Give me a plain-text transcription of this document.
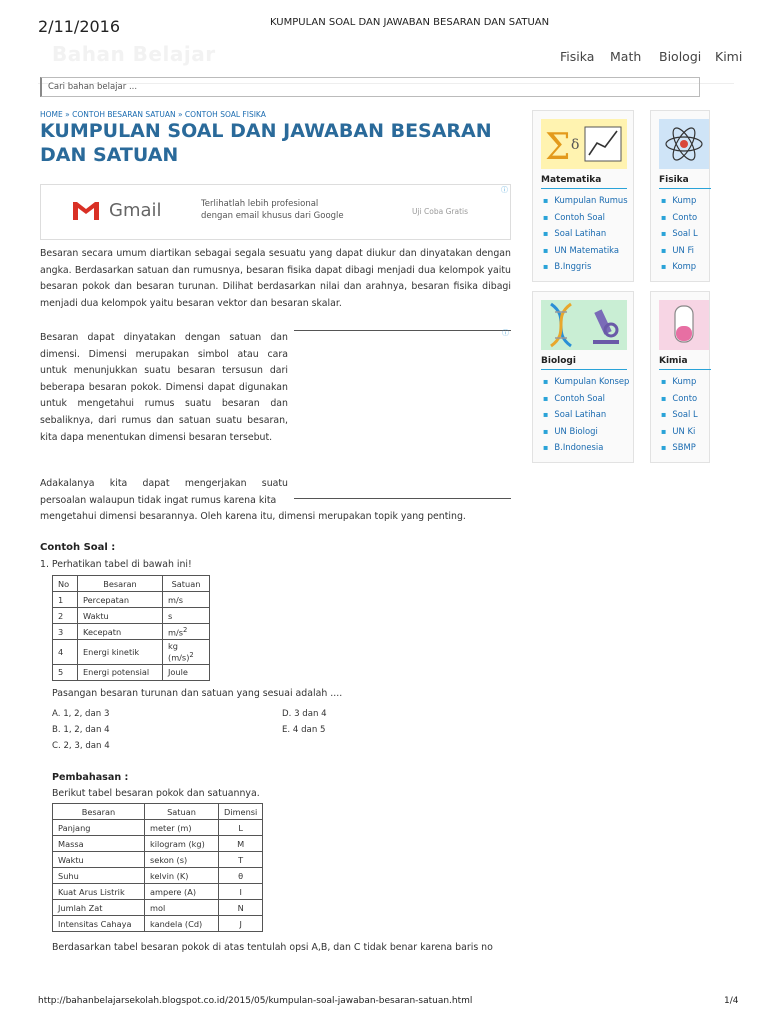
2/11/2016	KUMPULAN SOAL DAN JAWABAN BESARAN DAN SATUAN
Bahan Belajar	Fisika Math Biologi Kimi
Cari bahan belajar ...
HOME » CONTOH BESARAN SATUAN » CONTOH SOAL FISIKA
KUMPULAN SOAL DAN JAWABAN BESARAN DAN SATUAN
Gmail	Terlihatlah lebih profesional
dengan email khusus dari Google	Uji Coba Gratis
ⓘ
Besaran secara umum diartikan sebagai segala sesuatu yang dapat diukur dan dinyatakan dengan angka. Berdasarkan satuan dan rumusnya, besaran fisika dapat dibagi menjadi dua kelompok yaitu besaran pokok dan besaran turunan. Dilihat berdasarkan nilai dan arahnya, besaran fisika dibagi menjadi dua kelompok yaitu besaran vektor dan besaran skalar.
Besaran dapat dinyatakan dengan satuan dan dimensi. Dimensi merupakan simbol atau cara untuk menunjukkan suatu besaran tersusun dari beberapa besaran pokok. Dimensi dapat digunakan untuk mengetahui rumus suatu besaran dan sebaliknya, dari rumus dan satuan suatu besaran, kita dapa menentukan dimensi besaran tersebut.
ⓘ
Adakalanya kita dapat mengerjakan suatu persoalan walaupun tidak ingat rumus karena kita
mengetahui dimensi besarannya. Oleh karena itu, dimensi merupakan topik yang penting.
Contoh Soal :
1. Perhatikan tabel di bawah ini!
No	Besaran	Satuan
1	Percepatan	m/s
2	Waktu	s
3	Kecepatn	$m/s^2$
4	Energi kinetik	kg $(m/s)^2$
5	Energi potensial	Joule
Pasangan besaran turunan dan satuan yang sesuai adalah ....
A. 1, 2, dan 3
B. 1, 2, dan 4
C. 2, 3, dan 4
D. 3 dan 4
E. 4 dan 5
Pembahasan :
Berikut tabel besaran pokok dan satuannya.
Besaran	Satuan	Dimensi
Panjang	meter (m)	L
Massa	kilogram (kg)	M
Waktu	sekon (s)	T
Suhu	kelvin (K)	θ
Kuat Arus Listrik	ampere (A)	I
Jumlah Zat	mol	N
Intensitas Cahaya	kandela (Cd)	J
Berdasarkan tabel besaran pokok di atas tentulah opsi A,B, dan C tidak benar karena baris no
Σ δ
Matematika
▪ Kumpulan Rumus
▪ Contoh Soal
▪ Soal Latihan
▪ UN Matematika
▪ B.Inggris
Fisika
▪ Kump
▪ Conto
▪ Soal L
▪ UN Fi
▪ Komp
Biologi
▪ Kumpulan Konsep
▪ Contoh Soal
▪ Soal Latihan
▪ UN Biologi
▪ B.Indonesia
Kimia
▪ Kump
▪ Conto
▪ Soal L
▪ UN Ki
▪ SBMP
http://bahanbelajarsekolah.blogspot.co.id/2015/05/kumpulan-soal-jawaban-besaran-satuan.html	1/4
